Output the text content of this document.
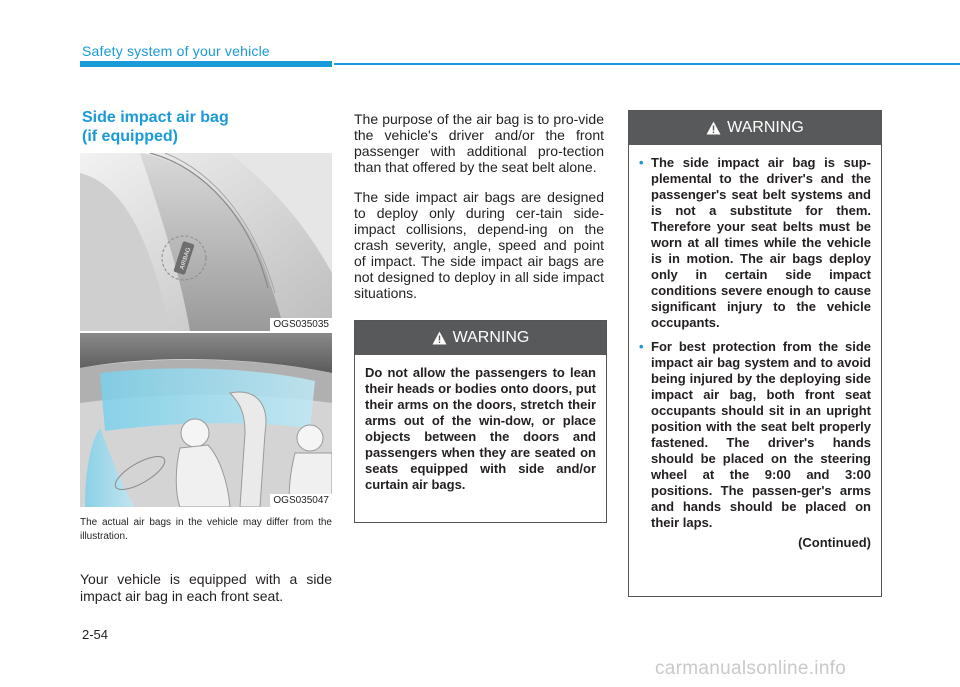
Safety system of your vehicle
Side impact air bag
(if equipped)
AIRBAG
OGS035035
OGS035047
The actual air bags in the vehicle may differ from the illustration.
Your vehicle is equipped with a side impact air bag in each front seat.

The purpose of the air bag is to pro-vide the vehicle's driver and/or the front passenger with additional pro-tection than that offered by the seat belt alone.

The side impact air bags are designed to deploy only during cer-tain side-impact collisions, depend-ing on the crash severity, angle, speed and point of impact. The side impact air bags are not designed to deploy in all side impact situations.

WARNING
Do not allow the passengers to lean their heads or bodies onto doors, put their arms on the doors, stretch their arms out of the win-dow, or place objects between the doors and passengers when they are seated on seats equipped with side and/or curtain air bags.
WARNING
• The side impact air bag is sup-plemental to the driver's and the passenger's seat belt systems and is not a substitute for them. Therefore your seat belts must be worn at all times while the vehicle is in motion. The air bags deploy only in certain side impact conditions severe enough to cause significant injury to the vehicle occupants.
• For best protection from the side impact air bag system and to avoid being injured by the deploying side impact air bag, both front seat occupants should sit in an upright position with the seat belt properly fastened. The driver's hands should be placed on the steering wheel at the 9:00 and 3:00 positions. The passen-ger's arms and hands should be placed on their laps.
(Continued)
2-54
carmanualsonline.info
